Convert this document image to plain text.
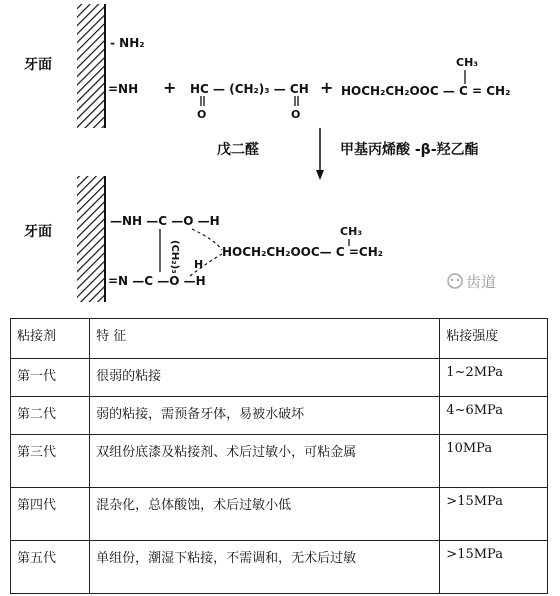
牙面
- NH₂
=NH + HC — (CH₂)₃ — CH
O	O
+
CH₃
HOCH₂CH₂OOC — C = CH₂
戊二醛	甲基丙烯酸 -β-羟乙酯
牙面
—NH —C —O —H
=N —C —O —H
(CH₂)₃	HOCH₂CH₂OOC— C =CH₂
CH₃
H
齿道
粘接剂	特 征	粘接强度
第一代	很弱的粘接	1~2MPa
第二代	弱的粘接，需预备牙体，易被水破坏	4~6MPa
第三代	双组份底漆及粘接剂、术后过敏小，可粘金属	10MPa
第四代	混杂化，总体酸蚀，术后过敏小低	>15MPa
第五代	单组份，潮湿下粘接，不需调和，无术后过敏	>15MPa
